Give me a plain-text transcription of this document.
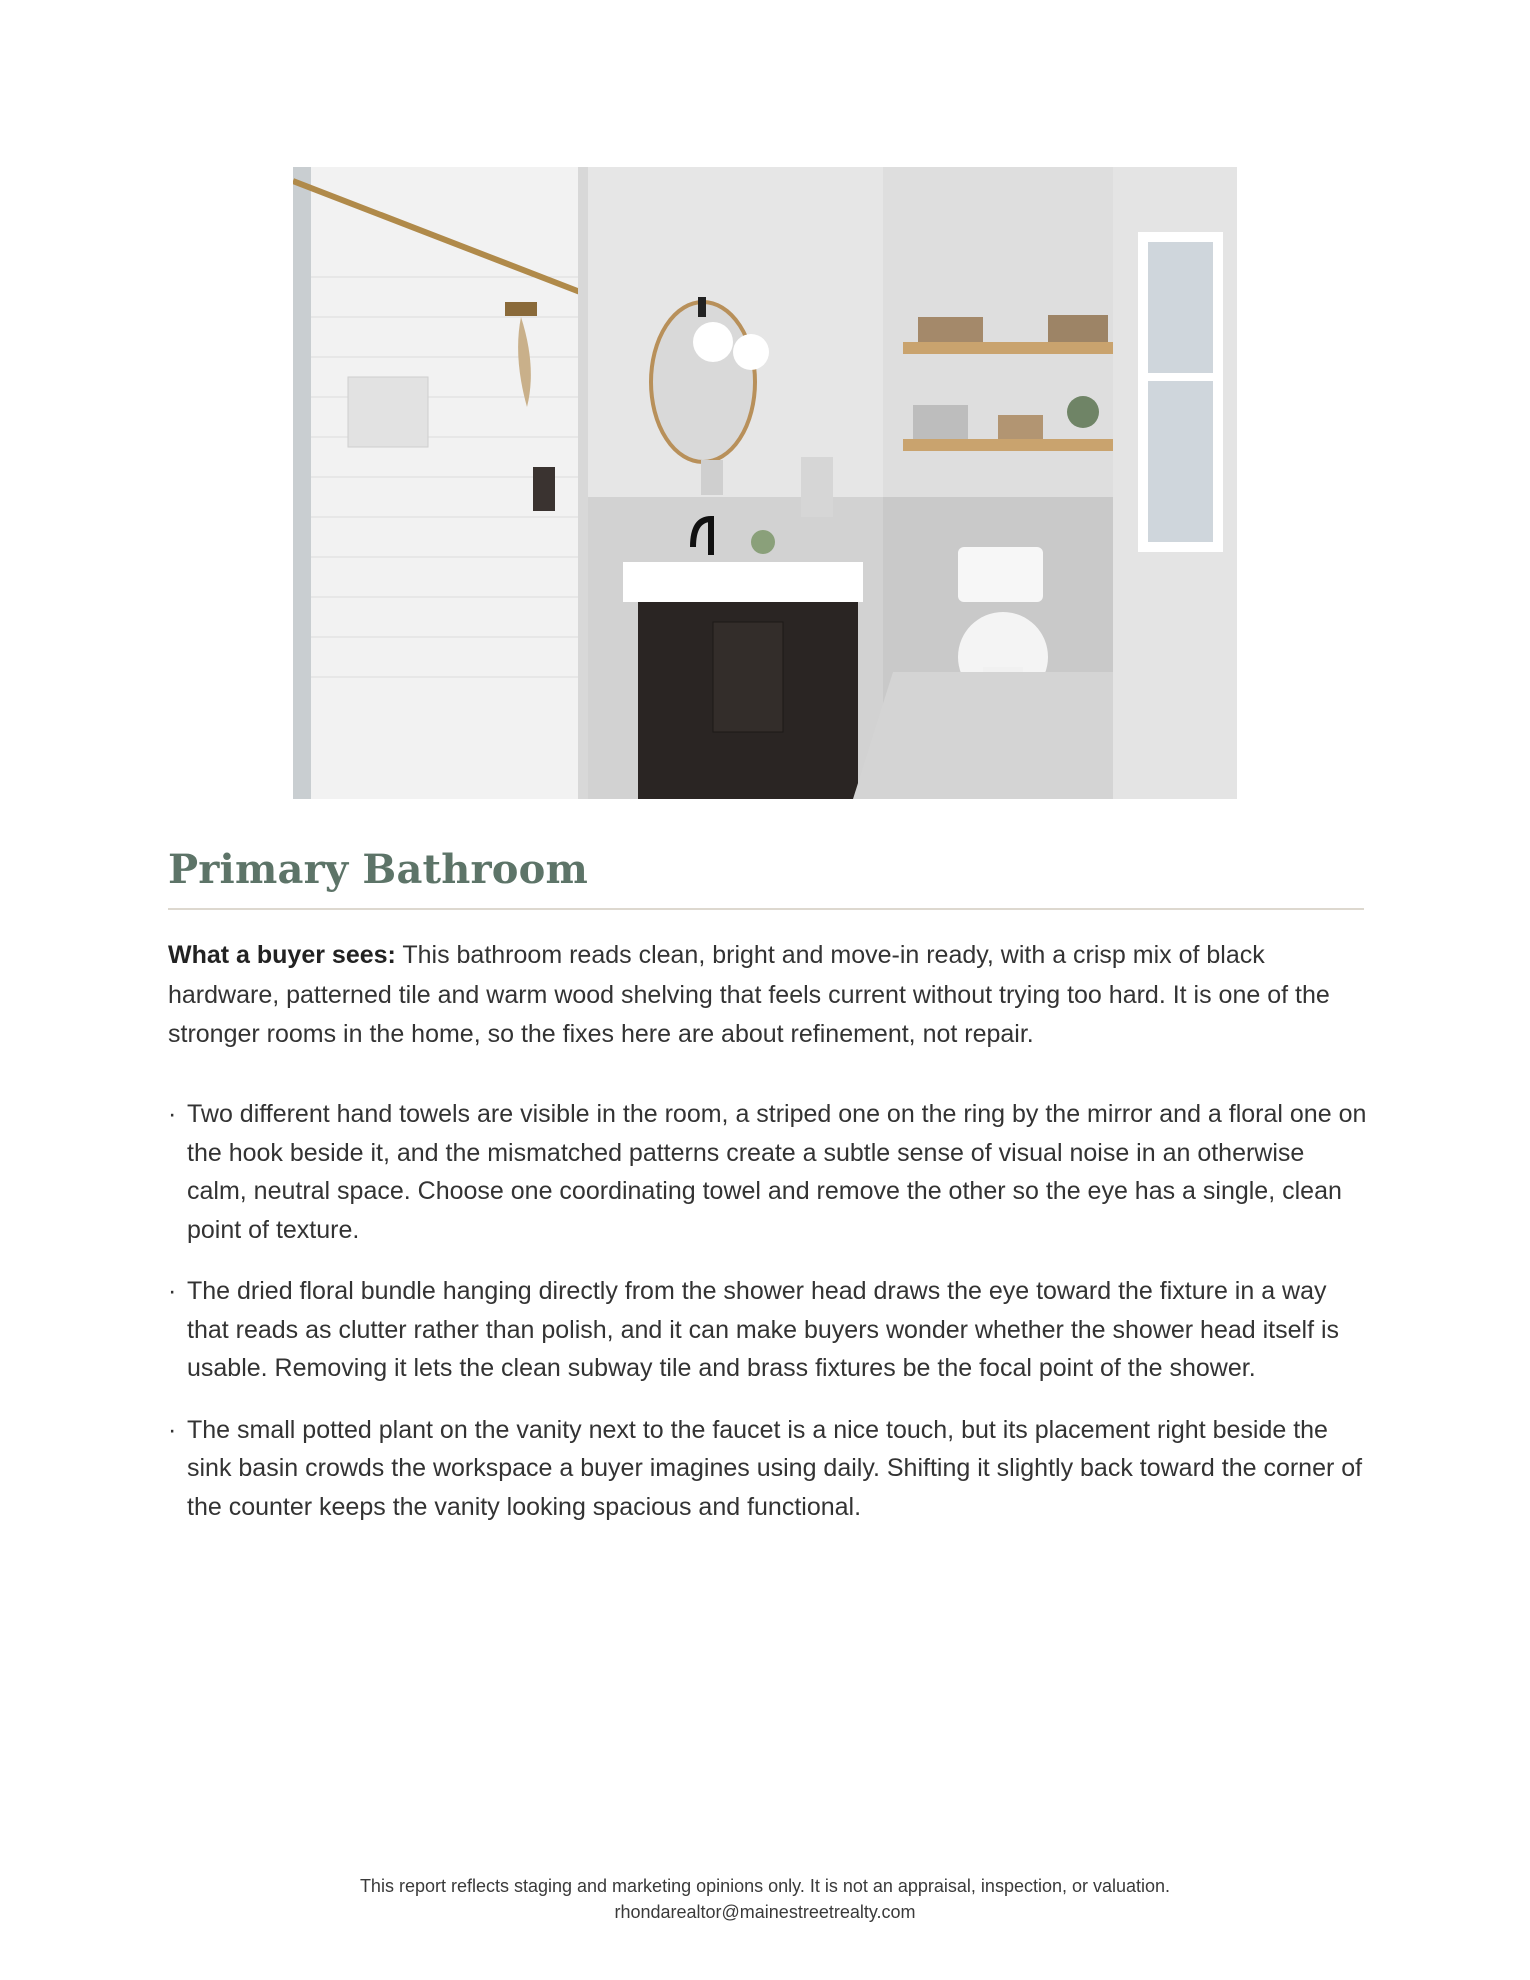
Primary Bathroom

What a buyer sees: This bathroom reads clean, bright and move-in ready, with a crisp mix of black hardware, patterned tile and warm wood shelving that feels current without trying too hard. It is one of the stronger rooms in the home, so the fixes here are about refinement, not repair.

· Two different hand towels are visible in the room, a striped one on the ring by the mirror and a floral one on the hook beside it, and the mismatched patterns create a subtle sense of visual noise in an otherwise calm, neutral space. Choose one coordinating towel and remove the other so the eye has a single, clean point of texture.
· The dried floral bundle hanging directly from the shower head draws the eye toward the fixture in a way that reads as clutter rather than polish, and it can make buyers wonder whether the shower head itself is usable. Removing it lets the clean subway tile and brass fixtures be the focal point of the shower.
· The small potted plant on the vanity next to the faucet is a nice touch, but its placement right beside the sink basin crowds the workspace a buyer imagines using daily. Shifting it slightly back toward the corner of the counter keeps the vanity looking spacious and functional.
This report reflects staging and marketing opinions only. It is not an appraisal, inspection, or valuation.
rhondarealtor@mainestreetrealty.com
